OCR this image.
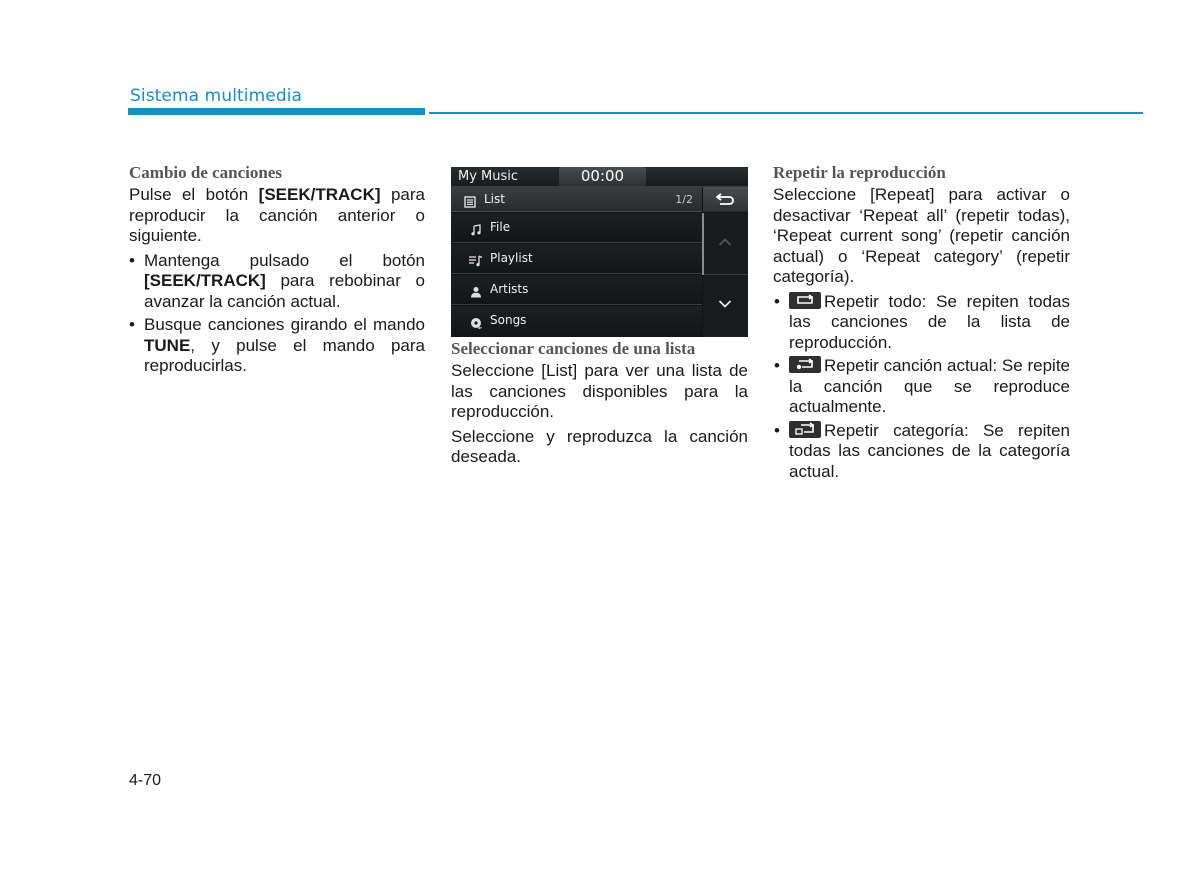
Sistema multimedia
Cambio de canciones

Pulse el botón [SEEK/TRACK] para reproducir la canción anterior o siguiente.

• Mantenga pulsado el botón [SEEK/TRACK] para rebobinar o avanzar la canción actual.
• Busque canciones girando el mando TUNE, y pulse el mando para reproducirlas.
My Music	00:00
List	1/2
File
Playlist
Artists
Songs
Seleccionar canciones de una lista

Seleccione [List] para ver una lista de las canciones disponibles para la reproducción.

Seleccione y reproduzca la canción deseada.

Repetir la reproducción

Seleccione [Repeat] para activar o desactivar ‘Repeat all’ (repetir todas), ‘Repeat current song’ (repetir canción actual) o ‘Repeat category’ (repetir categoría).

• Repetir todo: Se repiten todas las canciones de la lista de reproducción.
• Repetir canción actual: Se repite la canción que se reproduce actualmente.
• Repetir categoría: Se repiten todas las canciones de la categoría actual.
4-70
